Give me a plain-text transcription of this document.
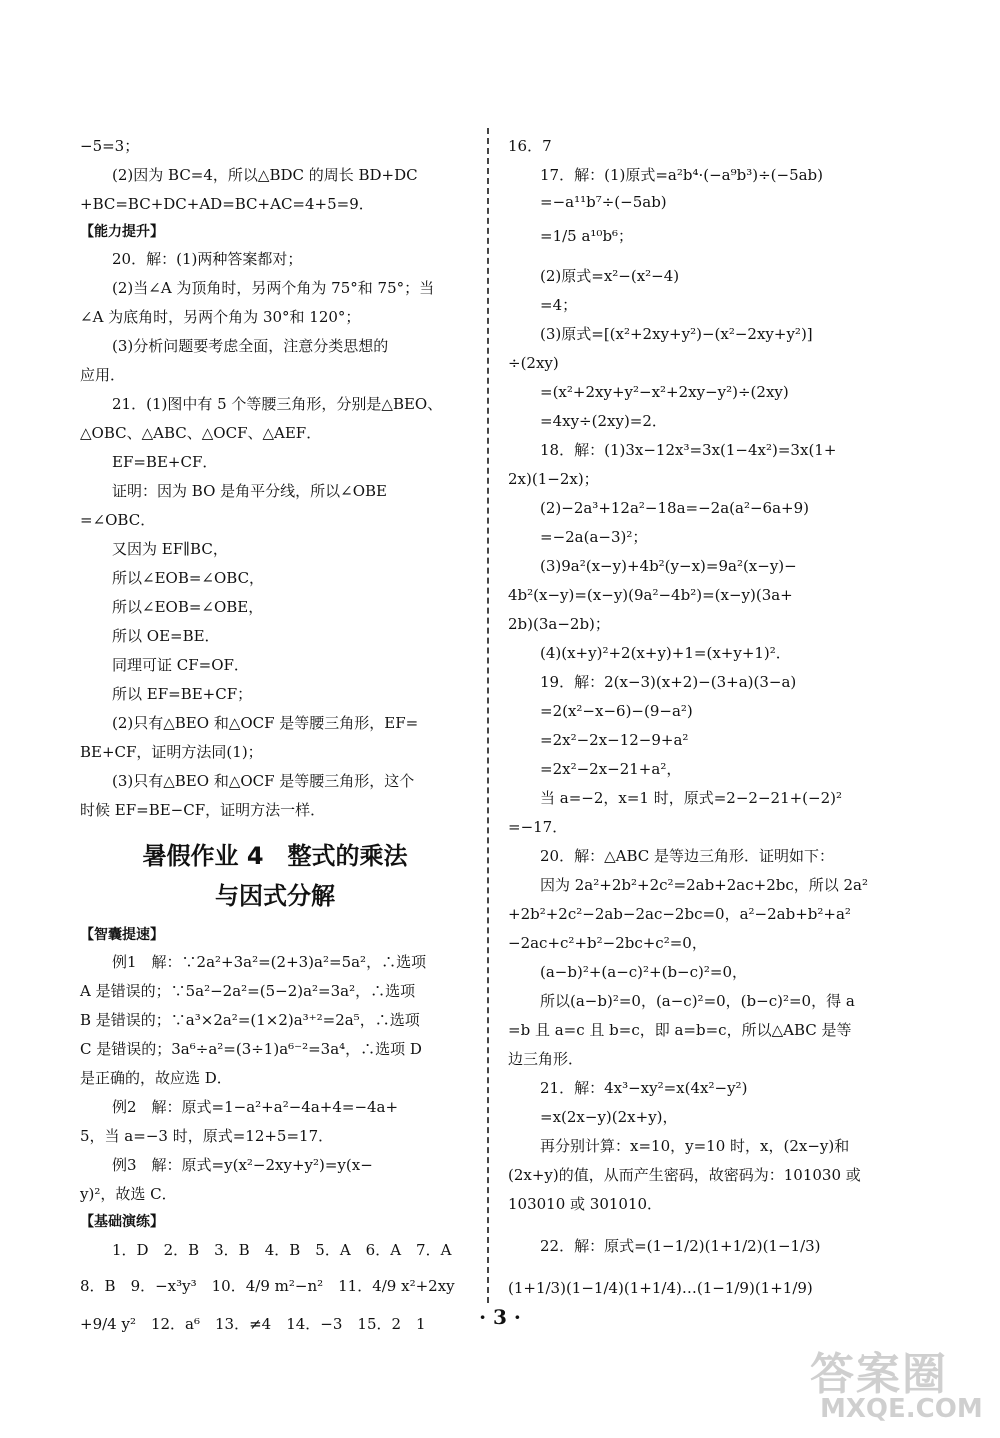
−5=3；
(2)因为 BC=4，所以△BDC 的周长 BD+DC
+BC=BC+DC+AD=BC+AC=4+5=9．
【能力提升】
20．解：(1)两种答案都对；
(2)当∠A 为顶角时，另两个角为 75°和 75°；当
∠A 为底角时，另两个角为 30°和 120°；
(3)分析问题要考虑全面，注意分类思想的
应用．
21．(1)图中有 5 个等腰三角形，分别是△BEO、
△OBC、△ABC、△OCF、△AEF．
EF=BE+CF．
证明：因为 BO 是角平分线，所以∠OBE
=∠OBC．
又因为 EF∥BC，
所以∠EOB=∠OBC，
所以∠EOB=∠OBE，
所以 OE=BE．
同理可证 CF=OF．
所以 EF=BE+CF；
(2)只有△BEO 和△OCF 是等腰三角形，EF=
BE+CF，证明方法同(1)；
(3)只有△BEO 和△OCF 是等腰三角形，这个
时候 EF=BE−CF，证明方法一样．
暑假作业 4　整式的乘法
与因式分解
【智囊提速】
例1　解：∵2a²+3a²=(2+3)a²=5a²，∴选项
A 是错误的；∵5a²−2a²=(5−2)a²=3a²，∴选项
B 是错误的；∵a³×2a²=(1×2)a³⁺²=2a⁵，∴选项
C 是错误的；3a⁶÷a²=(3÷1)a⁶⁻²=3a⁴，∴选项 D
是正确的，故应选 D．
例2　解：原式=1−a²+a²−4a+4=−4a+
5，当 a=−3 时，原式=12+5=17．
例3　解：原式=y(x²−2xy+y²)=y(x−
y)²，故选 C．
【基础演练】
1．D　2．B　3．B　4．B　5．A　6．A　7．A
8．B　9．−x³y³　10．4/9 m²−n²　11．4/9 x²+2xy
+9/4 y²　12．a⁶　13．≠4　14．−3　15．2　1
16．7
17．解：(1)原式=a²b⁴·(−a⁹b³)÷(−5ab)
=−a¹¹b⁷÷(−5ab)
=1/5 a¹⁰b⁶；
(2)原式=x²−(x²−4)
=4；
(3)原式=[(x²+2xy+y²)−(x²−2xy+y²)]
÷(2xy)
=(x²+2xy+y²−x²+2xy−y²)÷(2xy)
=4xy÷(2xy)=2．
18．解：(1)3x−12x³=3x(1−4x²)=3x(1+
2x)(1−2x)；
(2)−2a³+12a²−18a=−2a(a²−6a+9)
=−2a(a−3)²；
(3)9a²(x−y)+4b²(y−x)=9a²(x−y)−
4b²(x−y)=(x−y)(9a²−4b²)=(x−y)(3a+
2b)(3a−2b)；
(4)(x+y)²+2(x+y)+1=(x+y+1)²．
19．解：2(x−3)(x+2)−(3+a)(3−a)
=2(x²−x−6)−(9−a²)
=2x²−2x−12−9+a²
=2x²−2x−21+a²，
当 a=−2，x=1 时，原式=2−2−21+(−2)²
=−17．
20．解：△ABC 是等边三角形．证明如下：
因为 2a²+2b²+2c²=2ab+2ac+2bc，所以 2a²
+2b²+2c²−2ab−2ac−2bc=0，a²−2ab+b²+a²
−2ac+c²+b²−2bc+c²=0，
(a−b)²+(a−c)²+(b−c)²=0，
所以(a−b)²=0，(a−c)²=0，(b−c)²=0，得 a
=b 且 a=c 且 b=c，即 a=b=c，所以△ABC 是等
边三角形．
21．解：4x³−xy²=x(4x²−y²)
=x(2x−y)(2x+y)，
再分别计算：x=10，y=10 时，x，(2x−y)和
(2x+y)的值，从而产生密码，故密码为：101030 或
103010 或 301010．
22．解：原式=(1−1/2)(1+1/2)(1−1/3)
(1+1/3)(1−1/4)(1+1/4)…(1−1/9)(1+1/9)
· 3 ·
答案圈
MXQE.COM
